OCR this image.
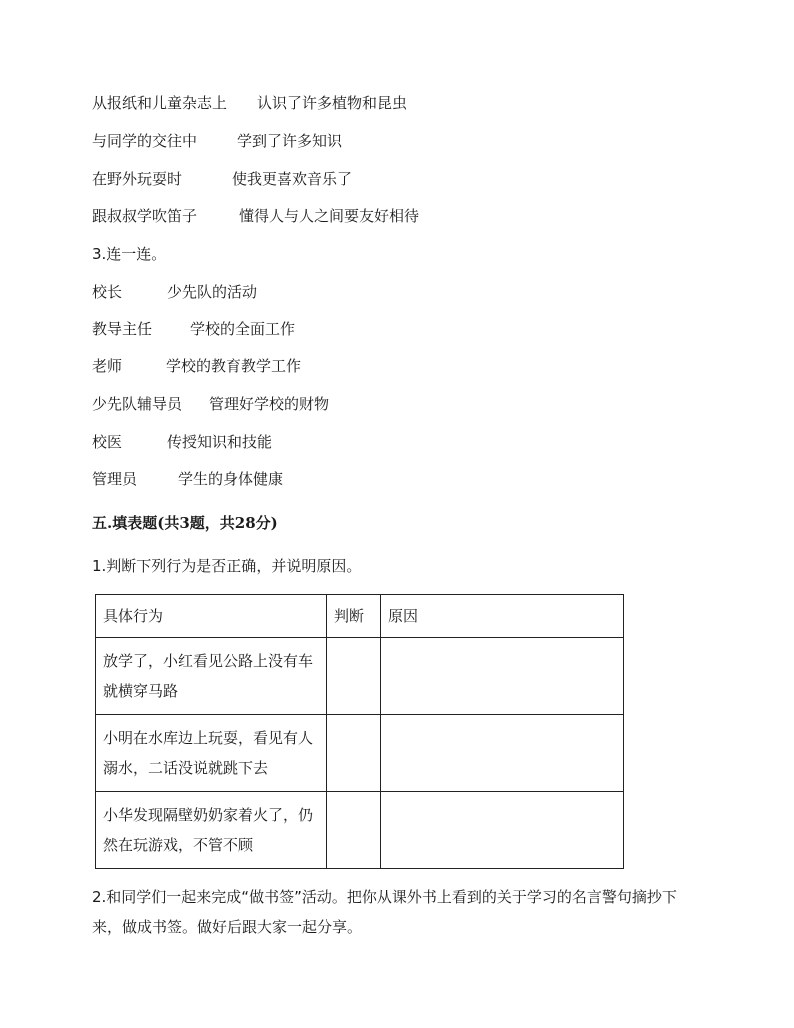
从报纸和儿童杂志上 认识了许多植物和昆虫
与同学的交往中	学到了许多知识
在野外玩耍时	使我更喜欢音乐了
跟叔叔学吹笛子	懂得人与人之间要友好相待
3.连一连。
校长	少先队的活动
教导主任	学校的全面工作
老师	学校的教育教学工作
少先队辅导员 管理好学校的财物
校医	传授知识和技能
管理员	学生的身体健康
五.填表题(共3题，共28分)
1.判断下列行为是否正确，并说明原因。
具体行为	判断	原因
放学了，小红看见公路上没有车就横穿马路		
小明在水库边上玩耍，看见有人溺水，二话没说就跳下去		
小华发现隔壁奶奶家着火了，仍然在玩游戏，不管不顾		
2.和同学们一起来完成“做书签”活动。把你从课外书上看到的关于学习的名言警句摘抄下来，做成书签。做好后跟大家一起分享。
